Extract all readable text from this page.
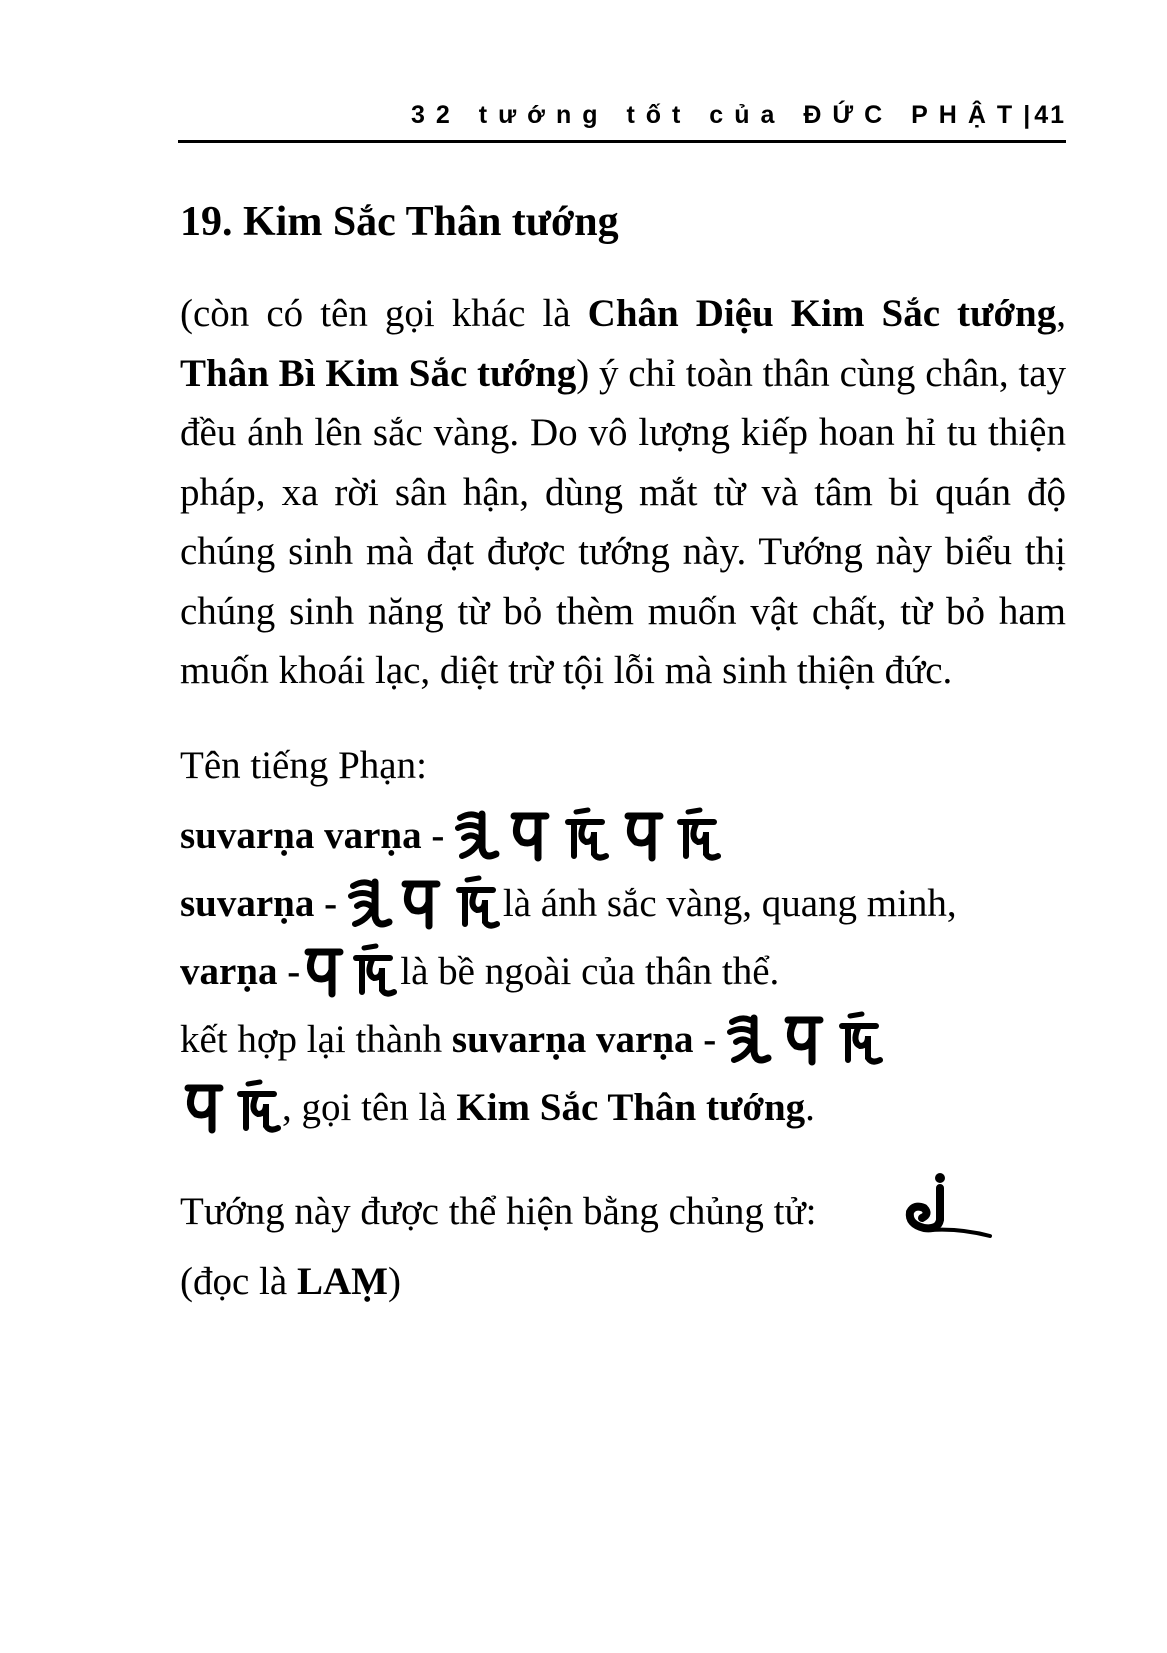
32 tướng tốt của ĐỨC PHẬT| 41
19. Kim Sắc Thân tướng

(còn có tên gọi khác là Chân Diệu Kim Sắc tướng, Thân Bì Kim Sắc tướng) ý chỉ toàn thân cùng chân, tay đều ánh lên sắc vàng. Do vô lượng kiếp hoan hỉ tu thiện pháp, xa rời sân hận, dùng mắt từ và tâm bi quán độ chúng sinh mà đạt được tướng này. Tướng này biểu thị chúng sinh năng từ bỏ thèm muốn vật chất, từ bỏ ham muốn khoái lạc, diệt trừ tội lỗi mà sinh thiện đức.

Tên tiếng Phạn:

suvarṇa varṇa -

suvarṇa -	là ánh sắc vàng, quang minh,

varṇa -	là bề ngoài của thân thể.

kết hợp lại thành suvarṇa varṇa -

, gọi tên là Kim Sắc Thân tướng.

Tướng này được thể hiện bằng chủng tử:

(đọc là LAṂ)
